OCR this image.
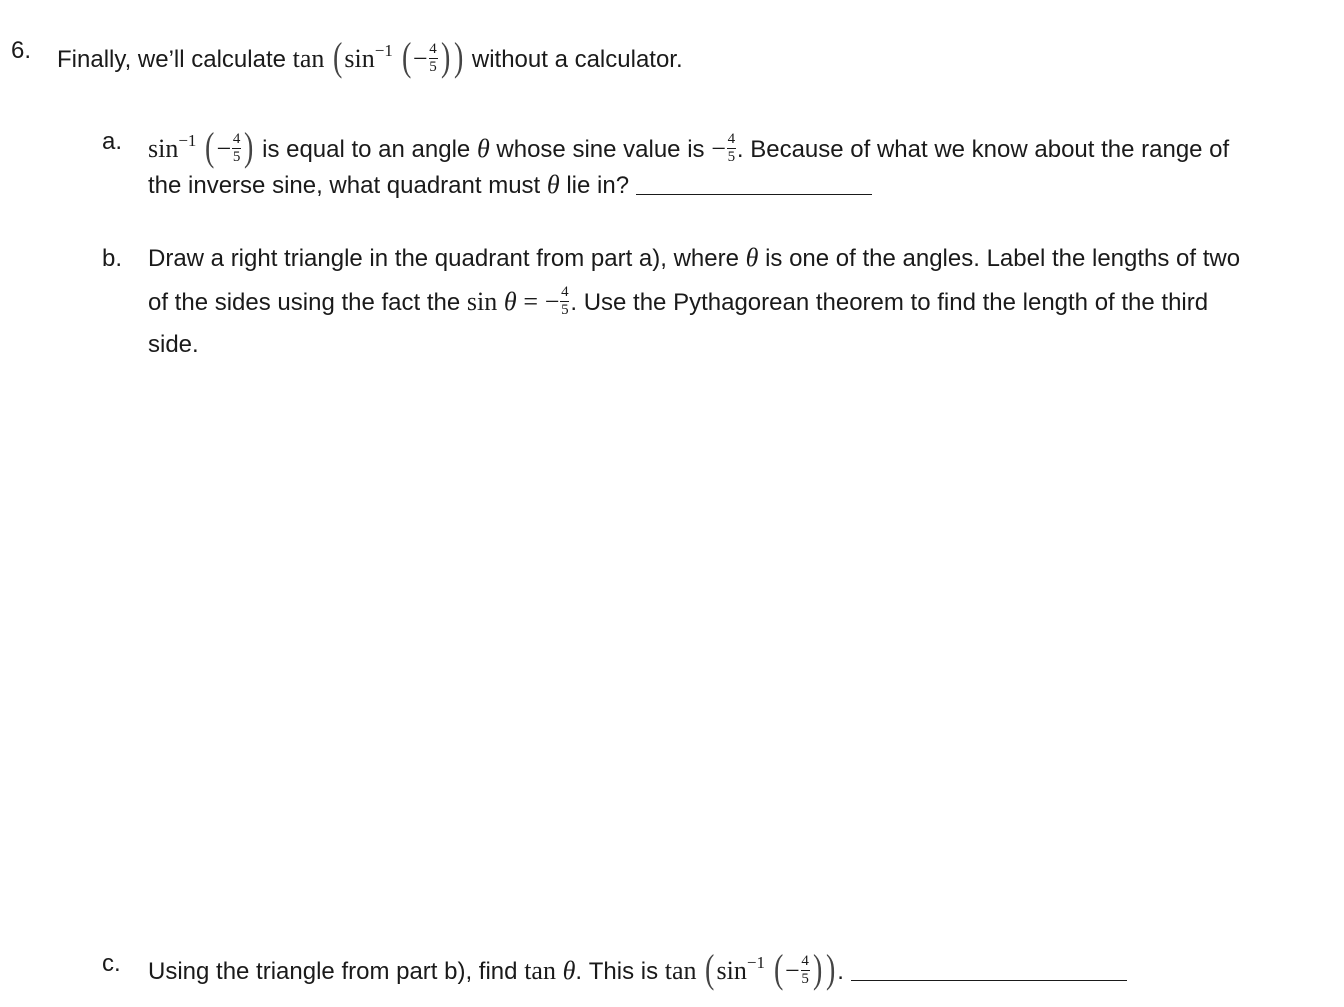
6. Finally, we’ll calculate $\tan (\sin^{-1}$ (− $\frac{4}{5}$ )) without a calculator.
a. $\sin^{-1}$ (− $\frac{4}{5}$ ) is equal to an angle θ whose sine value is − $\frac{4}{5}$ . Because of what we know about the range of
the inverse sine, what quadrant must θ lie in?
b. Draw a right triangle in the quadrant from part a), where θ is one of the angles. Label the lengths of two
of the sides using the fact the sin θ = − $\frac{4}{5}$ . Use the Pythagorean theorem to find the length of the third
side.
c. Using the triangle from part b), find tan θ. This is $\tan (\sin^{-1}$ (− $\frac{4}{5}$ )).
